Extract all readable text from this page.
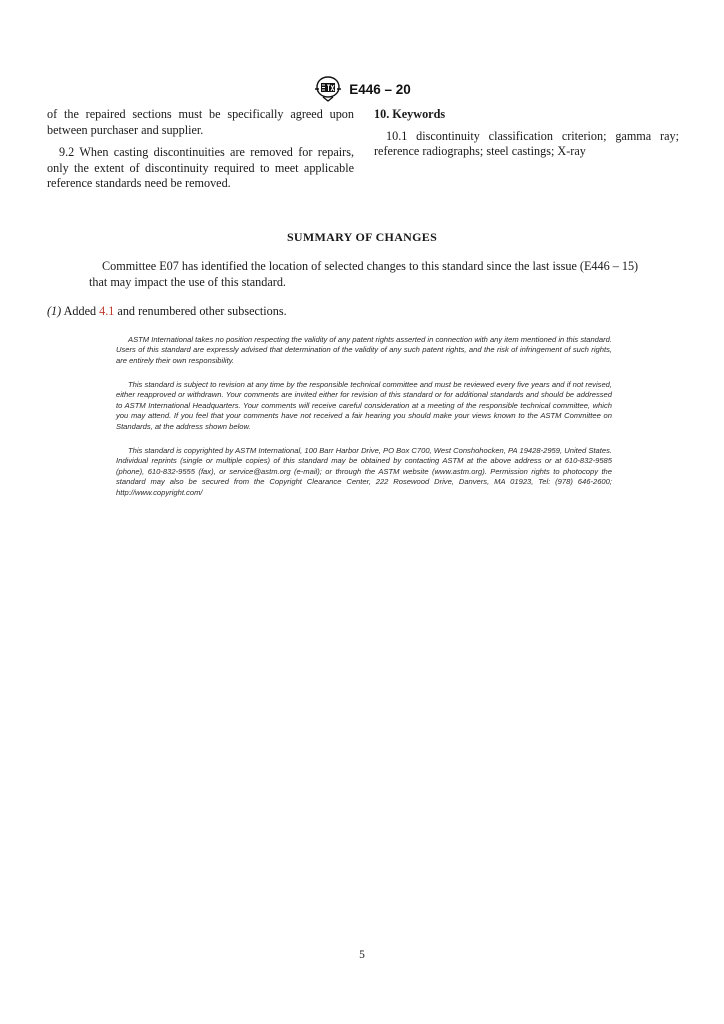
E446 – 20

of the repaired sections must be specifically agreed upon between purchaser and supplier.

9.2 When casting discontinuities are removed for repairs, only the extent of discontinuity required to meet applicable reference standards need be removed.

10. Keywords

10.1 discontinuity classification criterion; gamma ray; reference radiographs; steel castings; X-ray

SUMMARY OF CHANGES
Committee E07 has identified the location of selected changes to this standard since the last issue (E446 – 15) that may impact the use of this standard.
(1) Added 4.1 and renumbered other subsections.
ASTM International takes no position respecting the validity of any patent rights asserted in connection with any item mentioned in this standard. Users of this standard are expressly advised that determination of the validity of any such patent rights, and the risk of infringement of such rights, are entirely their own responsibility.
This standard is subject to revision at any time by the responsible technical committee and must be reviewed every five years and if not revised, either reapproved or withdrawn. Your comments are invited either for revision of this standard or for additional standards and should be addressed to ASTM International Headquarters. Your comments will receive careful consideration at a meeting of the responsible technical committee, which you may attend. If you feel that your comments have not received a fair hearing you should make your views known to the ASTM Committee on Standards, at the address shown below.
This standard is copyrighted by ASTM International, 100 Barr Harbor Drive, PO Box C700, West Conshohocken, PA 19428-2959, United States. Individual reprints (single or multiple copies) of this standard may be obtained by contacting ASTM at the above address or at 610-832-9585 (phone), 610-832-9555 (fax), or service@astm.org (e-mail); or through the ASTM website (www.astm.org). Permission rights to photocopy the standard may also be secured from the Copyright Clearance Center, 222 Rosewood Drive, Danvers, MA 01923, Tel: (978) 646-2600; http://www.copyright.com/
5
